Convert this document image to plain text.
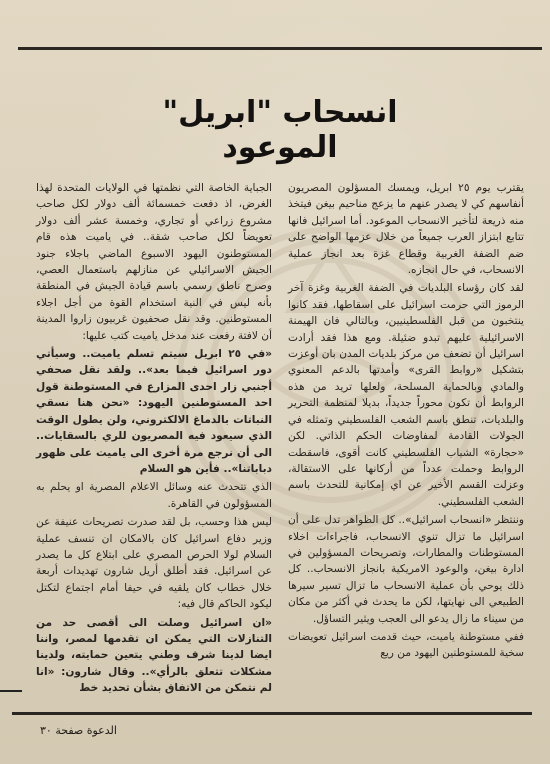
انسحاب "ابريل" الموعود

يقترب يوم ٢٥ ابريل، ويمسك المسؤلون المصريون أنفاسهم كي لا يصدر عنهم ما يزعج مناحيم بيغن فيتخذ منه ذريعة لتأخير الانسحاب الموعود. أما اسرائيل فانها تتابع ابتزاز العرب جميعاً من خلال عزمها الواضح على ضم الضفة الغربية وقطاع غزة بعد انجاز عملية الانسحاب، في حال انجازه.

لقد كان رؤساء البلديات في الضفة الغربية وغزة آخر الرموز التي حرمت اسرائيل على اسقاطها، فقد كانوا ينتخبون من قبل الفلسطينيين، وبالتالي فان الهيمنة الاسرائيلية عليهم تبدو ضئيلة. ومع هذا فقد أرادت اسرائيل أن تضعف من مركز بلديات المدن بان أوعزت بتشكيل «روابط القرى» وأمدتها بالدعم المعنوي والمادي وبالحماية المسلحة، ولعلها تريد من هذه الروابط أن تكون محوراً جديداً، بديلا لمنظمة التحرير والبلديات، تنطق باسم الشعب الفلسطيني وتمثله في الجولات القادمة لمفاوضات الحكم الذاتي. لكن «حجارة» الشباب الفلسطيني كانت أقوى، فاسقطت الروابط وحملت عدداً من أركانها على الاستقالة، وعزلت القسم الأخير عن اي إمكانية للتحدث باسم الشعب الفلسطيني.

وننتظر «انسحاب اسرائيل».. كل الظواهر تدل على أن اسرائيل ما تزال تنوي الانسحاب، فاجراءات اخلاء المستوطنات والمطارات، وتصريحات المسؤولين في ادارة بيغن، والوعود الامريكية بانجاز الانسحاب.. كل ذلك يوحي بأن عملية الانسحاب ما تزال تسير سيرها الطبيعي الى نهايتها، لكن ما يحدث في أكثر من مكان من سيناء ما زال يدعو الى العجب ويثير التساؤل.

ففي مستوطنة ياميت، حيث قدمت اسرائيل تعويضات سخية للمستوطنين اليهود من ريع

الجباية الخاصة التي نظمتها في الولايات المتحدة لهذا الغرض، اذ دفعت خمسمائة ألف دولار لكل صاحب مشروع زراعي أو تجاري، وخمسة عشر ألف دولار تعويضاً لكل صاحب شقة.. في ياميت هذه قام المستوطنون اليهود الاسبوع الماضي باجلاء جنود الجيش الاسرائيلي عن منازلهم باستعمال العصي، وصرح ناطق رسمي باسم قيادة الجيش في المنطقة بأنه ليس في النية استخدام القوة من أجل اجلاء المستوطنين. وقد نقل صحفيون غربيون زاروا المدينة أن لافتة رفعت عند مدخل ياميت كتب عليها:

«في ٢٥ ابريل سيتم تسلم ياميت.. وسيأتي دور اسرائيل فيما بعد».. ولقد نقل صحفي أجنبي زار احدى المزارع في المستوطنة قول احد المستوطنين اليهود: «نحن هنا نسقي النباتات بالدماغ الالكتروني، ولن يطول الوقت الذي سيعود فيه المصريون للري بالسقايات.. الى أن نرجع مرة أخرى الى ياميت على ظهور دباباتنا».. فأين هو السلام

الذي تتحدث عنه وسائل الاعلام المصرية او يحلم به المسؤولون في القاهرة.

ليس هذا وحسب، بل لقد صدرت تصريحات عنيفة عن وزير دفاع اسرائيل كان بالامكان ان تنسف عملية السلام لولا الحرص المصري على ابتلاع كل ما يصدر عن اسرائيل. فقد أطلق أريل شارون تهديدات أربعة خلال خطاب كان يلقيه في حيفا أمام اجتماع لتكتل ليكود الحاكم قال فيه:

«ان اسرائيل وصلت الى أقصى حد من التنازلات التي يمكن ان تقدمها لمصر، واننا ايضا لدينا شرف وطني يتعين حمايته، ولدينا مشكلات تتعلق بالرأي».. وقال شارون: «انا لم نتمكن من الاتفاق بشأن تحديد خط

الدعوة صفحة ٣٠
